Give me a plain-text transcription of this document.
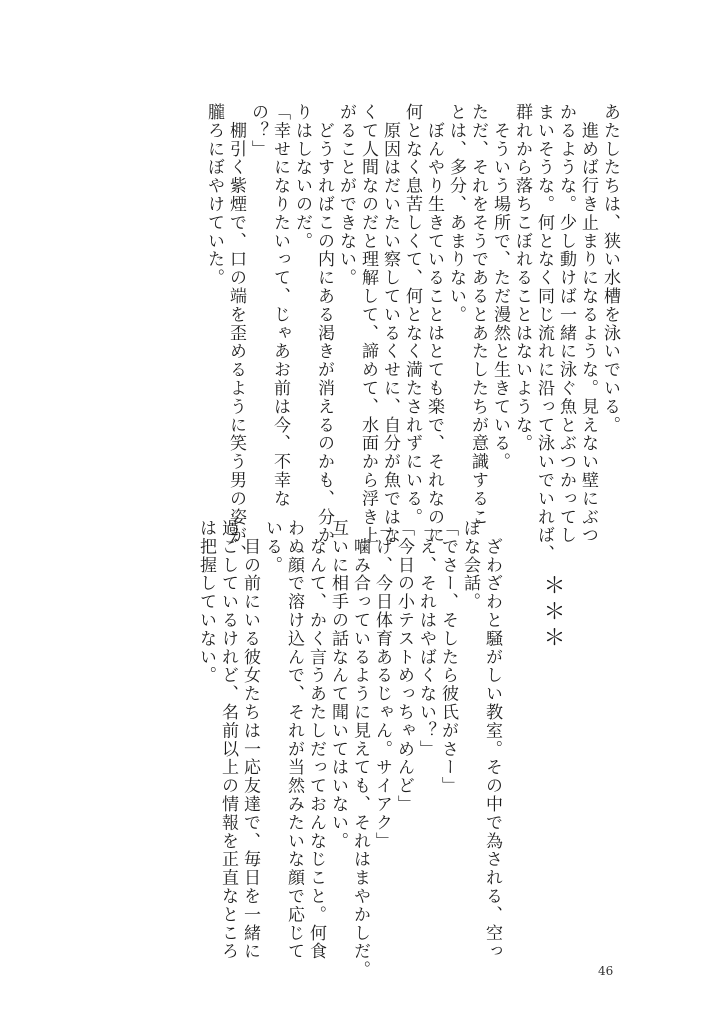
あたしたちは、狭い水槽を泳いでいる。
　進めば行き止まりになるような。見えない壁にぶつ
かるような。少し動けば一緒に泳ぐ魚とぶつかってし
まいそうな。何となく同じ流れに沿って泳いでいれば、
群れから落ちこぼれることはないような。
　そういう場所で、ただ漫然と生きている。
ただ、それをそうであるとあたしたちが意識するこ
とは、多分、あまりない。
　ぼんやり生きていることはとても楽で、それなのに
何となく息苦しくて、何となく満たされずにいる。
　原因はだいたい察しているくせに、自分が魚ではな
くて人間なのだと理解して、諦めて、水面から浮き上
がることができない。
　どうすればこの内にある渇きが消えるのかも、分か
りはしないのだ。
「幸せになりたいって、じゃあお前は今、不幸な
の？」
　棚引く紫煙で、口の端を歪めるように笑う男の姿が、
朧ろにぼやけていた。
＊＊＊
　ざわざわと騒がしい教室。その中で為される、空っ
ぽな会話。
「でさー、そしたら彼氏がさー」
「え、それはやばくない？」
「今日の小テストめっちゃめんど」
「げ、今日体育あるじゃん。サイアク」
　噛み合っているように見えても、それはまやかしだ。
互いに相手の話なんて聞いてはいない。
　なんて、かく言うあたしだっておんなじこと。何食
わぬ顔で溶け込んで、それが当然みたいな顔で応じて
いる。
　目の前にいる彼女たちは一応友達で、毎日を一緒に
過ごしているけれど、名前以上の情報を正直なところ
は把握していない。
46
